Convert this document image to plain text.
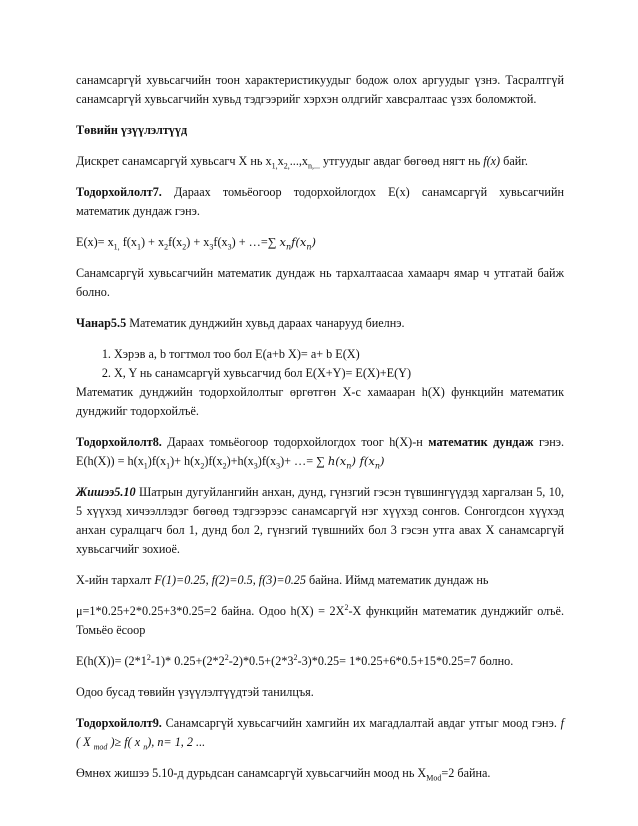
санамсаргүй хувьсагчийн тоон характеристикуудыг бодож олох аргуудыг үзнэ. Тасралтгүй санамсаргүй хувьсагчийн хувьд тэдгээрийг хэрхэн олдгийг хавсралтаас үзэх боломжтой.

Төвийн үзүүлэлтүүд

Дискрет санамсаргүй хувьсагч X нь $x_{1,}x_{2,}...,x_{n,...}$ утгуудыг авдаг бөгөөд нягт нь f(x) байг.

Тодорхойлолт7. Дараах томьёогоор тодорхойлогдох E(x) санамсаргүй хувьсагчийн математик дундаж гэнэ.

$E(x)= x_{1,}$ $f(x_1) + x_2f(x_2) + x_3f(x_3)$ + …=∑ $x_nf(x_n)$

Санамсаргүй хувьсагчийн математик дундаж нь тархалтаасаа хамаарч ямар ч утгатай байж болно.

Чанар5.5 Математик дунджийн хувьд дараах чанарууд биелнэ.

1. Хэрэв a, b тогтмол тоо бол E(a+b X)= a+ b E(X)
2. X, Y нь санамсаргүй хувьсагчид бол E(X+Y)= E(X)+E(Y)

Математик дунджийн тодорхойлолтыг өргөтгөн X-с хамааран h(X) функцийн математик дунджийг тодорхойлъё.

Тодорхойлолт8. Дараах томьёогоор тодорхойлогдох тоог h(X)-н математик дундаж гэнэ. $E(h(X)) = h(x_1)f(x_1)+ h(x_2)f(x_2)+h(x_3)f(x_3)+$ …= ∑ $h(x_n)$ $f(x_n)$

Жишээ5.10 Шатрын дугуйлангийн анхан, дунд, гүнзгий гэсэн түвшингүүдэд харгалзан 5, 10, 5 хүүхэд хичээллэдэг бөгөөд тэдгээрээс санамсаргүй нэг хүүхэд сонгов. Сонгогдсон хүүхэд анхан суралцагч бол 1, дунд бол 2, гүнзгий түвшнийх бол 3 гэсэн утга авах X санамсаргүй хувьсагчийг зохиоё.

X-ийн тархалт F(1)=0.25, f(2)=0.5, f(3)=0.25 байна. Иймд математик дундаж нь

μ=1*0.25+2*0.25+3*0.25=2 байна. Одоо $h(X) = 2X^2-X$ функцийн математик дунджийг олъё. Томьёо ёсоор

$E(h(X))= (2*1^2-1)*$ $0.25+(2*2^2-2)*0.5+(2*3^2-3)*0.25= 1*0.25+6*0.5+15*0.25=7$ болно.

Одоо бусад төвийн үзүүлэлтүүдтэй танилцъя.

Тодорхойлолт9. Санамсаргүй хувьсагчийн хамгийн их магадлалтай авдаг утгыг моод гэнэ. f ( X $_{mod}$ )≥ f( x $_n$), n= 1, 2 ...

Өмнөх жишээ 5.10-д дурьдсан санамсаргүй хувьсагчийн моод нь $X_{Mod}=2$ байна.
